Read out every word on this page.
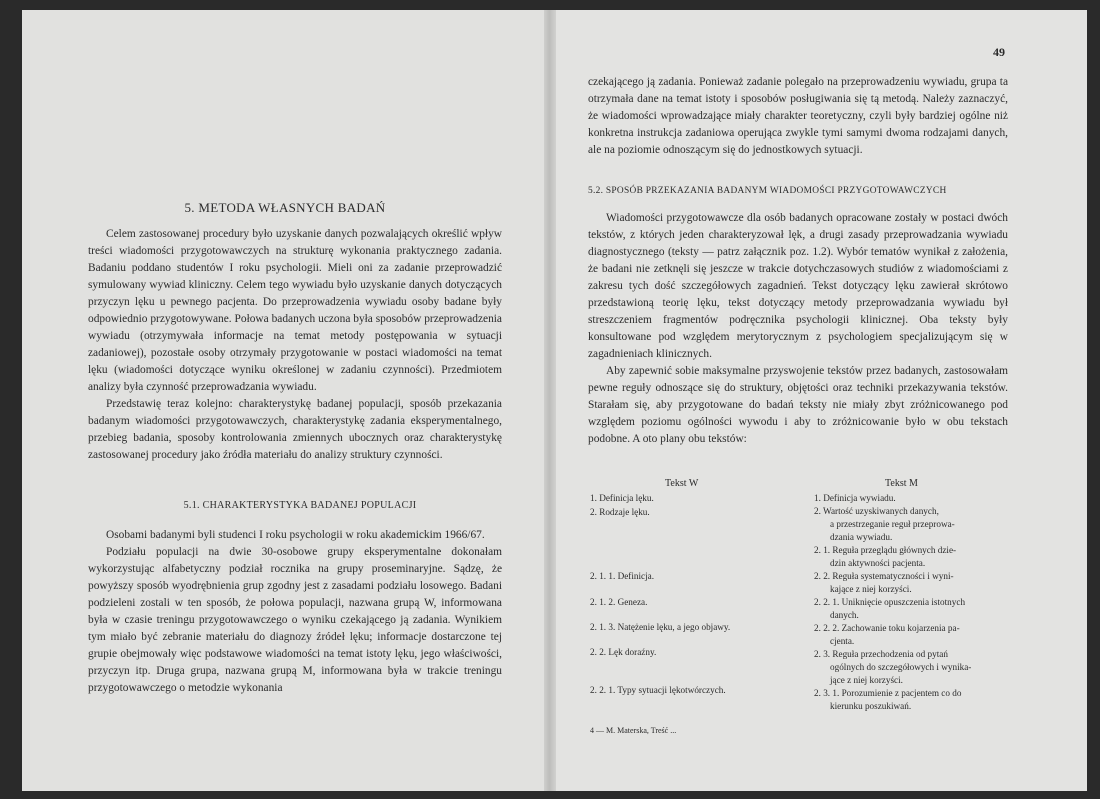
5. METODA WŁASNYCH BADAŃ

Celem zastosowanej procedury było uzyskanie danych pozwalających określić wpływ treści wiadomości przygotowawczych na strukturę wykonania praktycznego zadania. Badaniu poddano studentów I roku psychologii. Mieli oni za zadanie przeprowadzić symulowany wywiad kliniczny. Celem tego wywiadu było uzyskanie danych dotyczących przyczyn lęku u pewnego pacjenta. Do przeprowadzenia wywiadu osoby badane były odpowiednio przygotowywane. Połowa badanych uczona była sposobów przeprowadzenia wywiadu (otrzymywała informacje na temat metody postępowania w sytuacji zadaniowej), pozostałe osoby otrzymały przygotowanie w postaci wiadomości na temat lęku (wiadomości dotyczące wyniku określonej w zadaniu czynności). Przedmiotem analizy była czynność przeprowadzania wywiadu.

Przedstawię teraz kolejno: charakterystykę badanej populacji, sposób przekazania badanym wiadomości przygotowawczych, charakterystykę zadania eksperymentalnego, przebieg badania, sposoby kontrolowania zmiennych ubocznych oraz charakterystykę zastosowanej procedury jako źródła materiału do analizy struktury czynności.

5.1. CHARAKTERYSTYKA BADANEJ POPULACJI

Osobami badanymi byli studenci I roku psychologii w roku akademickim 1966/67.

Podziału populacji na dwie 30-osobowe grupy eksperymentalne dokonałam wykorzystując alfabetyczny podział rocznika na grupy proseminaryjne. Sądzę, że powyższy sposób wyodrębnienia grup zgodny jest z zasadami podziału losowego. Badani podzieleni zostali w ten sposób, że połowa populacji, nazwana grupą W, informowana była w czasie treningu przygotowawczego o wyniku czekającego ją zadania. Wynikiem tym miało być zebranie materiału do diagnozy źródeł lęku; informacje dostarczone tej grupie obejmowały więc podstawowe wiadomości na temat istoty lęku, jego właściwości, przyczyn itp. Druga grupa, nazwana grupą M, informowana była w trakcie treningu przygotowawczego o metodzie wykonania

49

czekającego ją zadania. Ponieważ zadanie polegało na przeprowadzeniu wywiadu, grupa ta otrzymała dane na temat istoty i sposobów posługiwania się tą metodą. Należy zaznaczyć, że wiadomości wprowadzające miały charakter teoretyczny, czyli były bardziej ogólne niż konkretna instrukcja zadaniowa operująca zwykle tymi samymi dwoma rodzajami danych, ale na poziomie odnoszącym się do jednostkowych sytuacji.

5.2. SPOSÓB PRZEKAZANIA BADANYM WIADOMOŚCI PRZYGOTOWAWCZYCH

Wiadomości przygotowawcze dla osób badanych opracowane zostały w postaci dwóch tekstów, z których jeden charakteryzował lęk, a drugi zasady przeprowadzania wywiadu diagnostycznego (teksty — patrz załącznik poz. 1.2). Wybór tematów wynikał z założenia, że badani nie zetknęli się jeszcze w trakcie dotychczasowych studiów z wiadomościami z zakresu tych dość szczegółowych zagadnień. Tekst dotyczący lęku zawierał skrótowo przedstawioną teorię lęku, tekst dotyczący metody przeprowadzania wywiadu był streszczeniem fragmentów podręcznika psychologii klinicznej. Oba teksty były konsultowane pod względem merytorycznym z psychologiem specjalizującym się w zagadnieniach klinicznych.

Aby zapewnić sobie maksymalne przyswojenie tekstów przez badanych, zastosowałam pewne reguły odnoszące się do struktury, objętości oraz techniki przekazywania tekstów. Starałam się, aby przygotowane do badań teksty nie miały zbyt zróżnicowanego pod względem poziomu ogólności wywodu i aby to zróżnicowanie było w obu tekstach podobne. A oto plany obu tekstów:

Tekst W	Tekst M
1. Definicja lęku.
2. Rodzaje lęku.
2. 1. 1. Definicja.
2. 1. 2. Geneza.
2. 1. 3. Natężenie lęku, a jego objawy.
2. 2. Lęk doraźny.
2. 2. 1. Typy sytuacji lękotwórczych.
1. Definicja wywiadu.
2. Wartość uzyskiwanych danych,
a przestrzeganie reguł przeprowa-
dzania wywiadu.
2. 1. Reguła przeglądu głównych dzie-
dzin aktywności pacjenta.
2. 2. Reguła systematyczności i wyni-
kające z niej korzyści.
2. 2. 1. Uniknięcie opuszczenia istotnych
danych.
2. 2. 2. Zachowanie toku kojarzenia pa-
cjenta.
2. 3. Reguła przechodzenia od pytań
ogólnych do szczegółowych i wynika-
jące z niej korzyści.
2. 3. 1. Porozumienie z pacjentem co do
kierunku poszukiwań.
4 — M. Materska, Treść ...
